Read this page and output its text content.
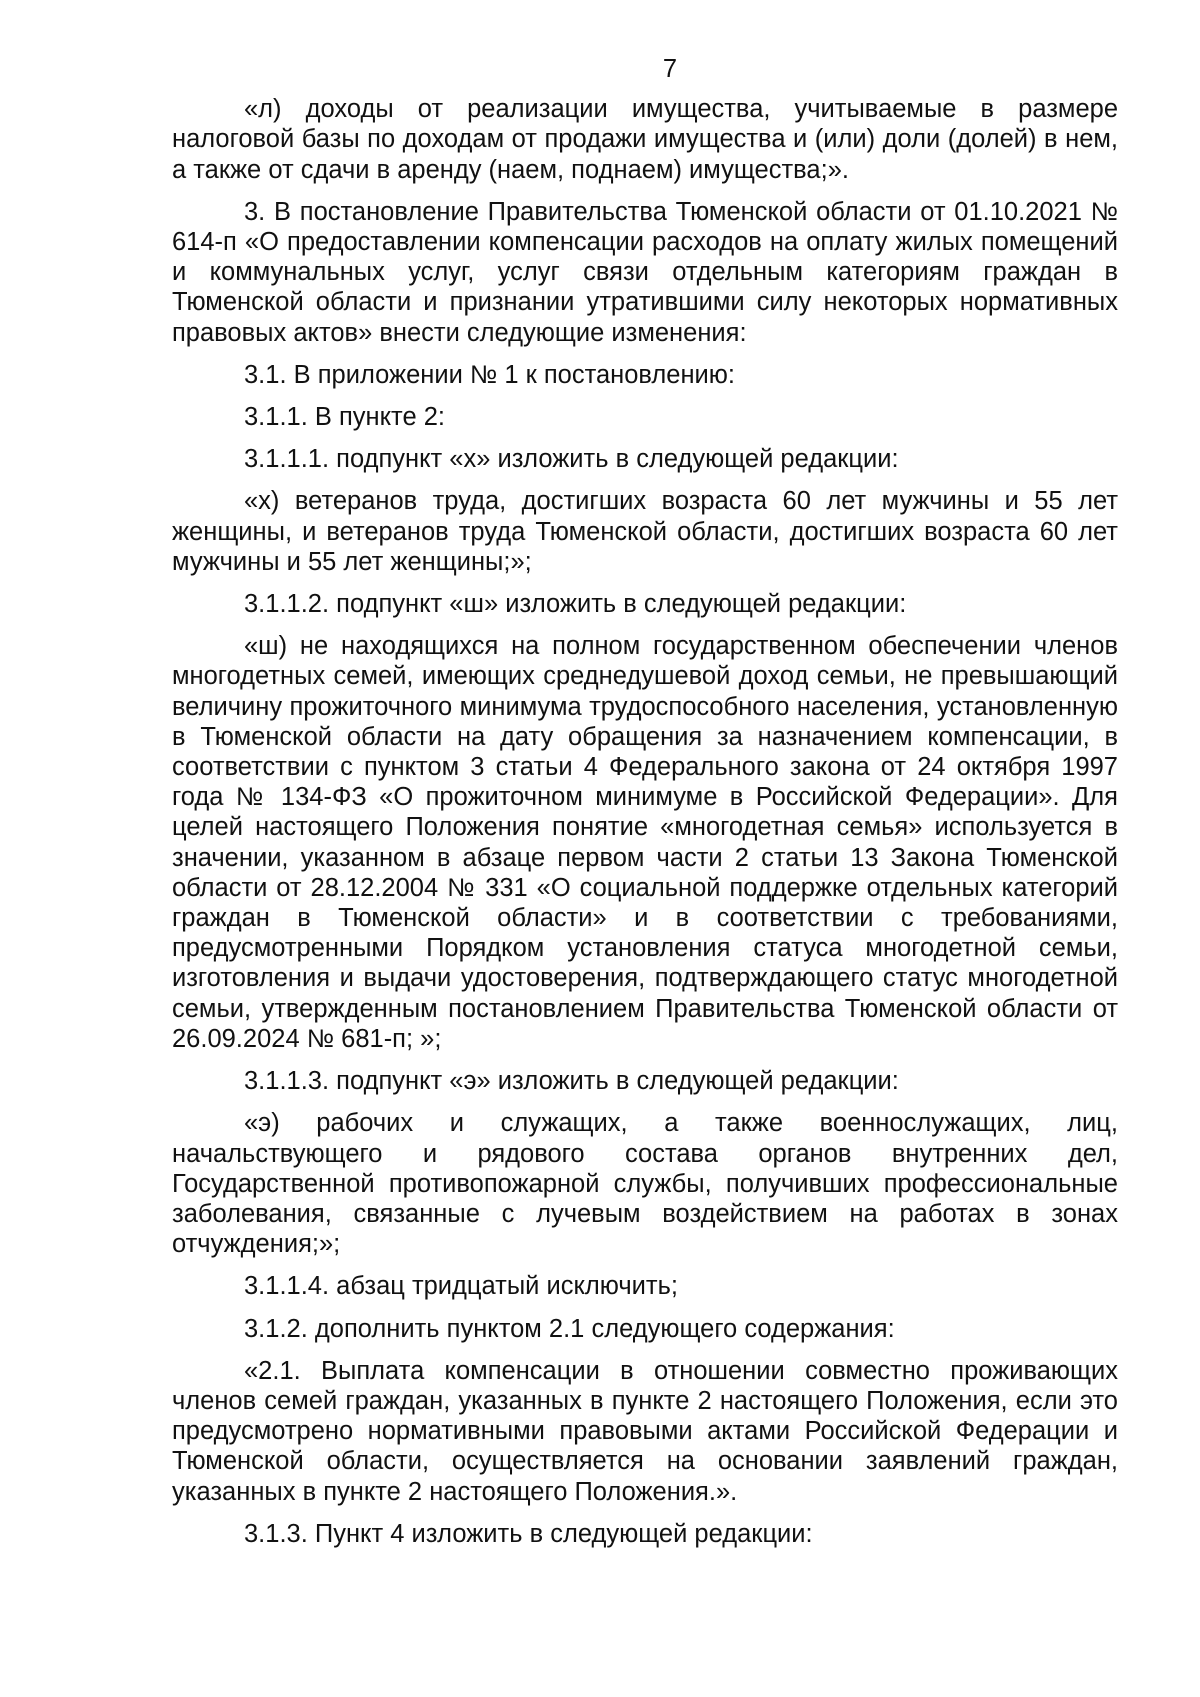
7

«л) доходы от реализации имущества, учитываемые в размере налоговой базы по доходам от продажи имущества и (или) доли (долей) в нем, а также от сдачи в аренду (наем, поднаем) имущества;».

3. В постановление Правительства Тюменской области от 01.10.2021 № 614-п «О предоставлении компенсации расходов на оплату жилых помещений и коммунальных услуг, услуг связи отдельным категориям граждан в Тюменской области и признании утратившими силу некоторых нормативных правовых актов» внести следующие изменения:

3.1. В приложении № 1 к постановлению:

3.1.1. В пункте 2:

3.1.1.1. подпункт «х» изложить в следующей редакции:

«х) ветеранов труда, достигших возраста 60 лет мужчины и 55 лет женщины, и ветеранов труда Тюменской области, достигших возраста 60 лет мужчины и 55 лет женщины;»;

3.1.1.2. подпункт «ш» изложить в следующей редакции:

«ш) не находящихся на полном государственном обеспечении членов многодетных семей, имеющих среднедушевой доход семьи, не превышающий величину прожиточного минимума трудоспособного населения, установленную в Тюменской области на дату обращения за назначением компенсации, в соответствии с пунктом 3 статьи 4 Федерального закона от 24 октября 1997 года № 134-ФЗ «О прожиточном минимуме в Российской Федерации». Для целей настоящего Положения понятие «многодетная семья» используется в значении, указанном в абзаце первом части 2 статьи 13 Закона Тюменской области от 28.12.2004 № 331 «О социальной поддержке отдельных категорий граждан в Тюменской области» и в соответствии с требованиями, предусмотренными Порядком установления статуса многодетной семьи, изготовления и выдачи удостоверения, подтверждающего статус многодетной семьи, утвержденным постановлением Правительства Тюменской области от 26.09.2024 № 681-п; »;

3.1.1.3. подпункт «э» изложить в следующей редакции:

«э) рабочих и служащих, а также военнослужащих, лиц, начальствующего и рядового состава органов внутренних дел, Государственной противопожарной службы, получивших профессиональные заболевания, связанные с лучевым воздействием на работах в зонах отчуждения;»;

3.1.1.4. абзац тридцатый исключить;

3.1.2. дополнить пунктом 2.1 следующего содержания:

«2.1. Выплата компенсации в отношении совместно проживающих членов семей граждан, указанных в пункте 2 настоящего Положения, если это предусмотрено нормативными правовыми актами Российской Федерации и Тюменской области, осуществляется на основании заявлений граждан, указанных в пункте 2 настоящего Положения.».

3.1.3. Пункт 4 изложить в следующей редакции:
